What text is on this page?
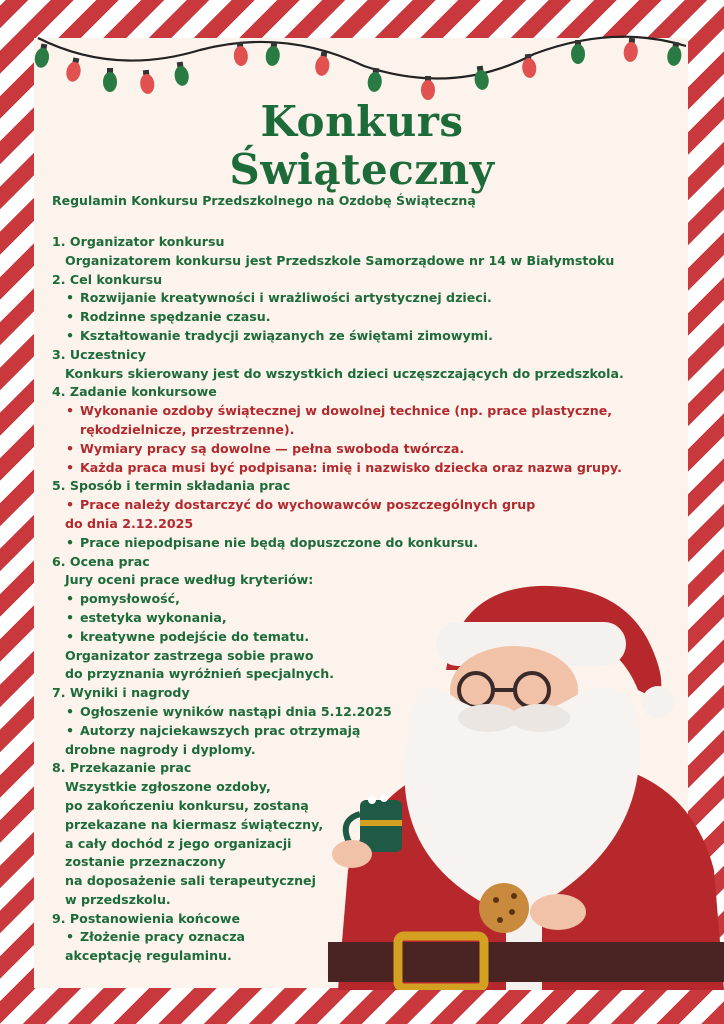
Konkurs
Świąteczny
Regulamin Konkursu Przedszkolnego na Ozdobę Świąteczną
1. Organizator konkursu
Organizatorem konkursu jest Przedszkole Samorządowe nr 14 w Białymstoku
2. Cel konkursu
• Rozwijanie kreatywności i wrażliwości artystycznej dzieci.
• Rodzinne spędzanie czasu.
• Kształtowanie tradycji związanych ze świętami zimowymi.
3. Uczestnicy
Konkurs skierowany jest do wszystkich dzieci uczęszczających do przedszkola.
4. Zadanie konkursowe
• Wykonanie ozdoby świątecznej w dowolnej technice (np. prace plastyczne,
rękodzielnicze, przestrzenne).
• Wymiary pracy są dowolne — pełna swoboda twórcza.
• Każda praca musi być podpisana: imię i nazwisko dziecka oraz nazwa grupy.
5. Sposób i termin składania prac
• Prace należy dostarczyć do wychowawców poszczególnych grup
do dnia 2.12.2025
• Prace niepodpisane nie będą dopuszczone do konkursu.
6. Ocena prac
Jury oceni prace według kryteriów:
• pomysłowość,
• estetyka wykonania,
• kreatywne podejście do tematu.
Organizator zastrzega sobie prawo
do przyznania wyróżnień specjalnych.
7. Wyniki i nagrody
• Ogłoszenie wyników nastąpi dnia 5.12.2025
• Autorzy najciekawszych prac otrzymają
drobne nagrody i dyplomy.
8. Przekazanie prac
Wszystkie zgłoszone ozdoby,
po zakończeniu konkursu, zostaną
przekazane na kiermasz świąteczny,
a cały dochód z jego organizacji
zostanie przeznaczony
na doposażenie sali terapeutycznej
w przedszkolu.
9. Postanowienia końcowe
• Złożenie pracy oznacza
akceptację regulaminu.
